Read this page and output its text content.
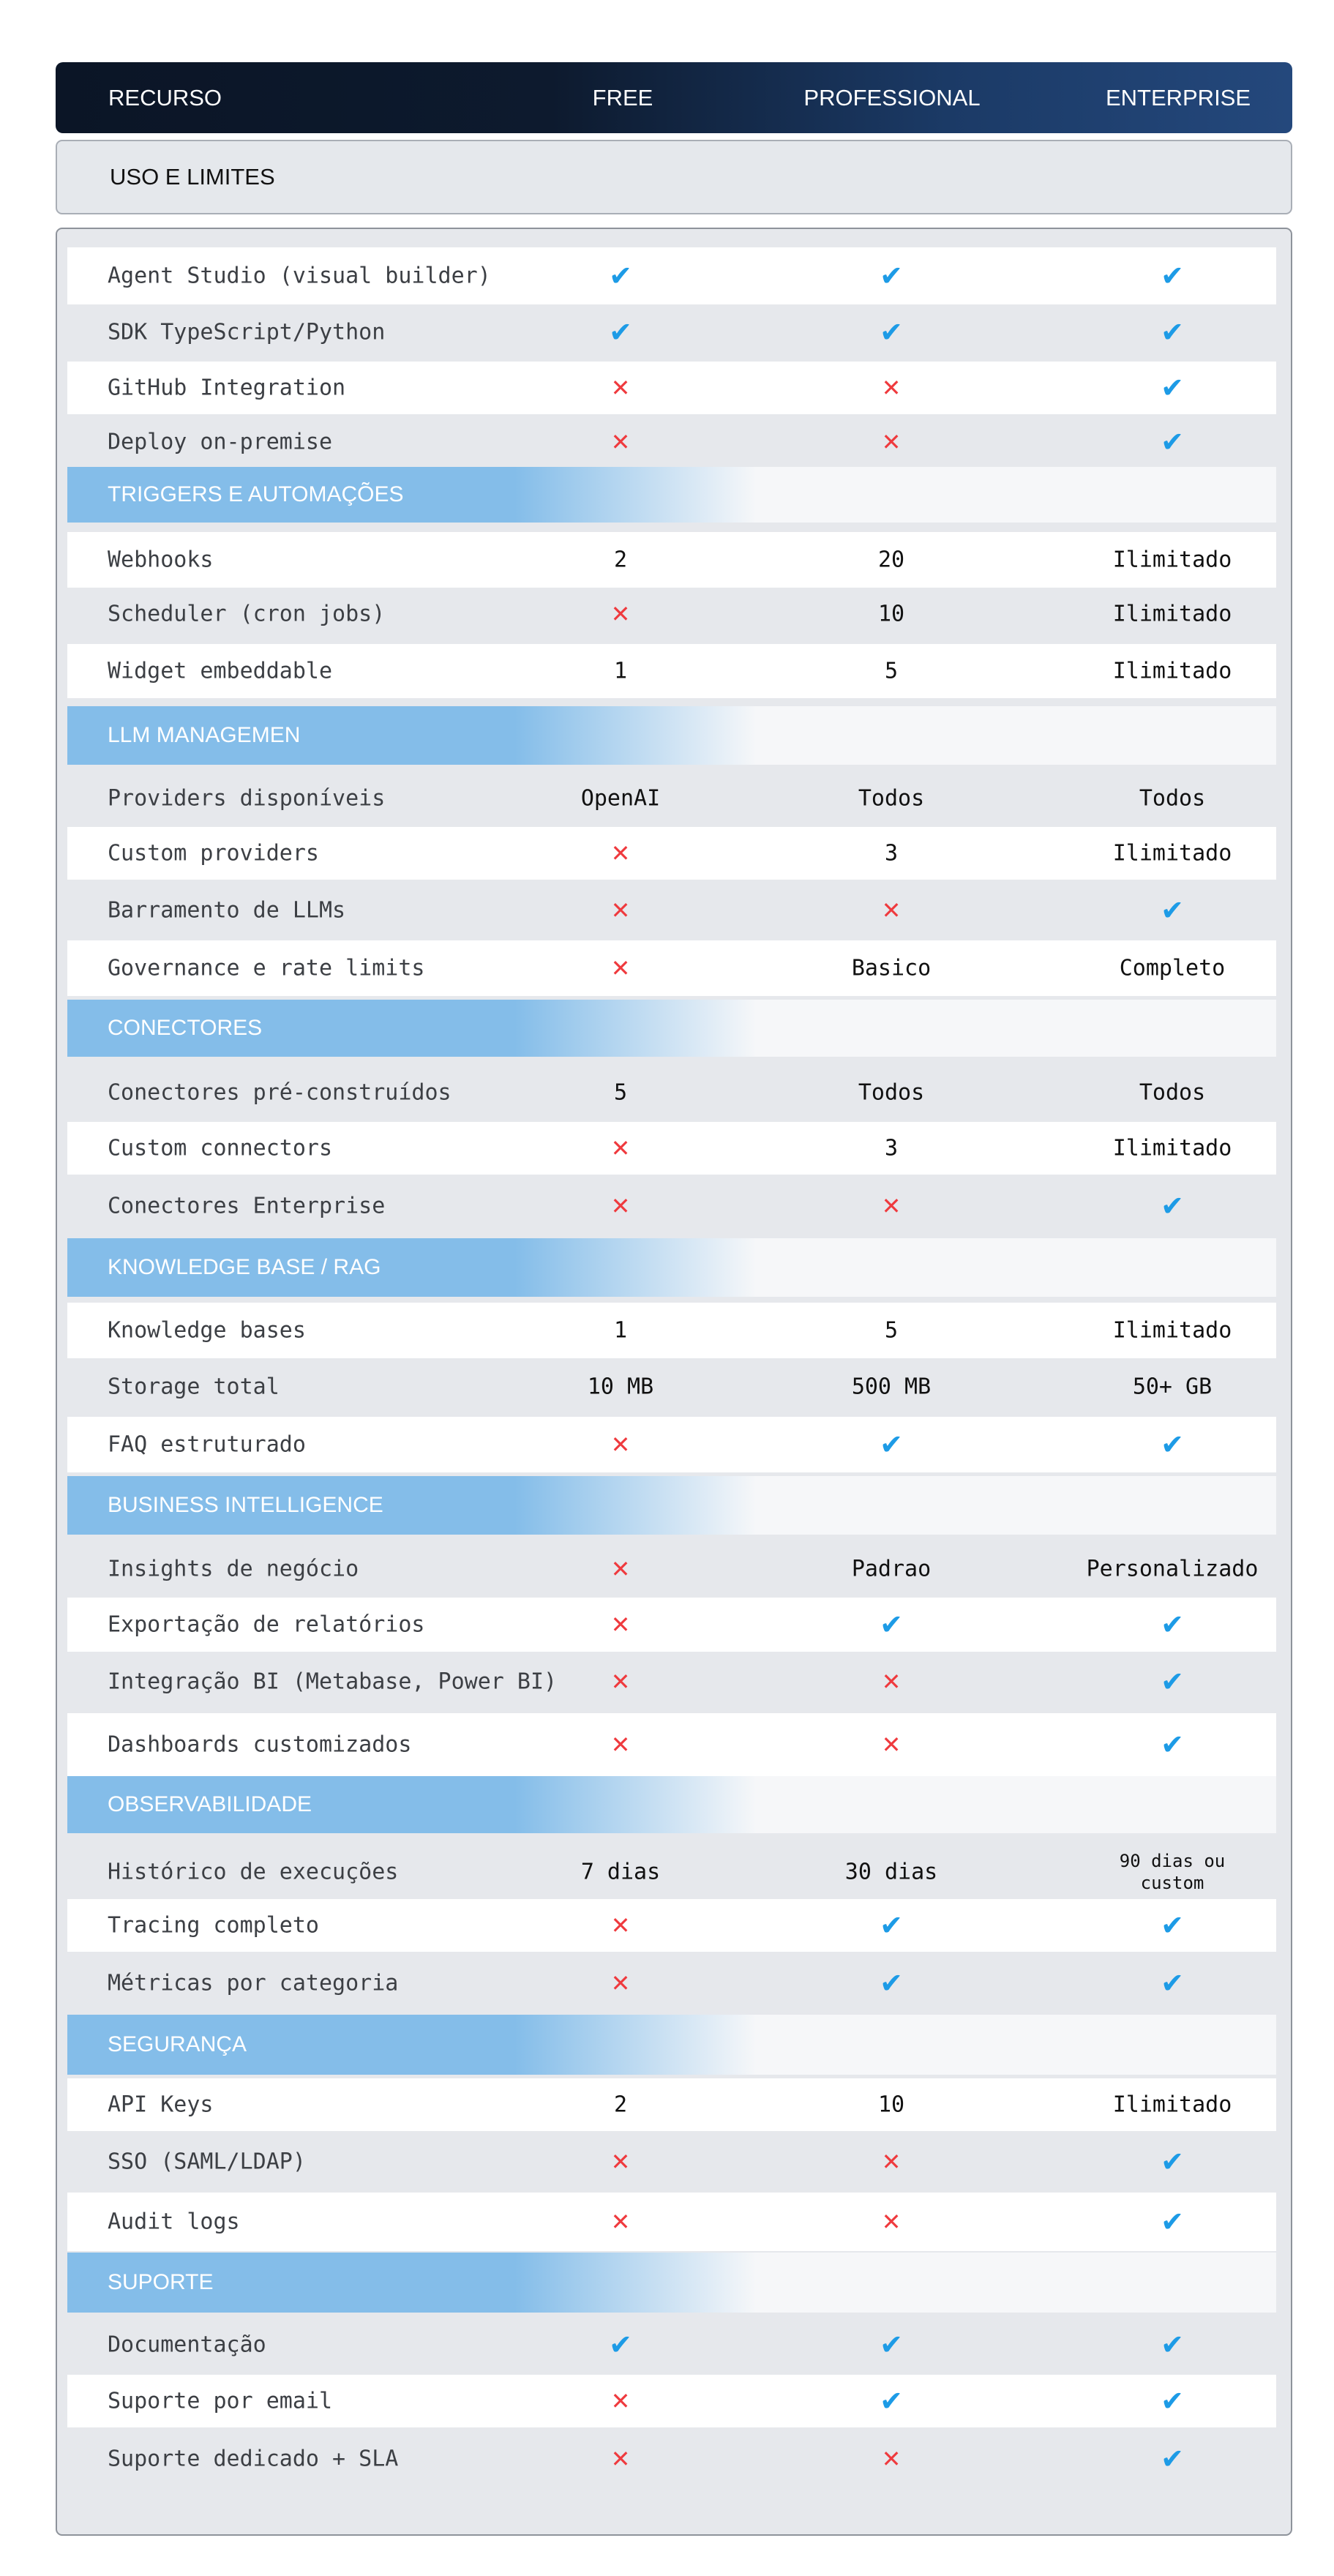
RECURSO	FREE	PROFESSIONAL	ENTERPRISE
USO E LIMITES
Agent Studio (visual builder)	✔	✔	✔
SDK TypeScript/Python	✔	✔	✔
GitHub Integration	✕	✕	✔
Deploy on-premise	✕	✕	✔
TRIGGERS E AUTOMAÇÕES
Webhooks	2	20	Ilimitado
Scheduler (cron jobs)	✕	10	Ilimitado
Widget embeddable	1	5	Ilimitado
LLM MANAGEMEN
Providers disponíveis	OpenAI	Todos	Todos
Custom providers	✕	3	Ilimitado
Barramento de LLMs	✕	✕	✔
Governance e rate limits	✕	Basico	Completo
CONECTORES
Conectores pré-construídos	5	Todos	Todos
Custom connectors	✕	3	Ilimitado
Conectores Enterprise	✕	✕	✔
KNOWLEDGE BASE / RAG
Knowledge bases	1	5	Ilimitado
Storage total	10 MB	500 MB	50+ GB
FAQ estruturado	✕	✔	✔
BUSINESS INTELLIGENCE
Insights de negócio	✕	Padrao	Personalizado
Exportação de relatórios	✕	✔	✔
Integração BI (Metabase, Power BI) ✕	✕	✔
Dashboards customizados	✕	✕	✔
OBSERVABILIDADE
Histórico de execuções	7 dias	30 dias	90 dias ou custom
Tracing completo	✕	✔	✔
Métricas por categoria	✕	✔	✔
SEGURANÇA
API Keys	2	10	Ilimitado
SSO (SAML/LDAP)	✕	✕	✔
Audit logs	✕	✕	✔
SUPORTE
Documentação	✔	✔	✔
Suporte por email	✕	✔	✔
Suporte dedicado + SLA	✕	✕	✔
